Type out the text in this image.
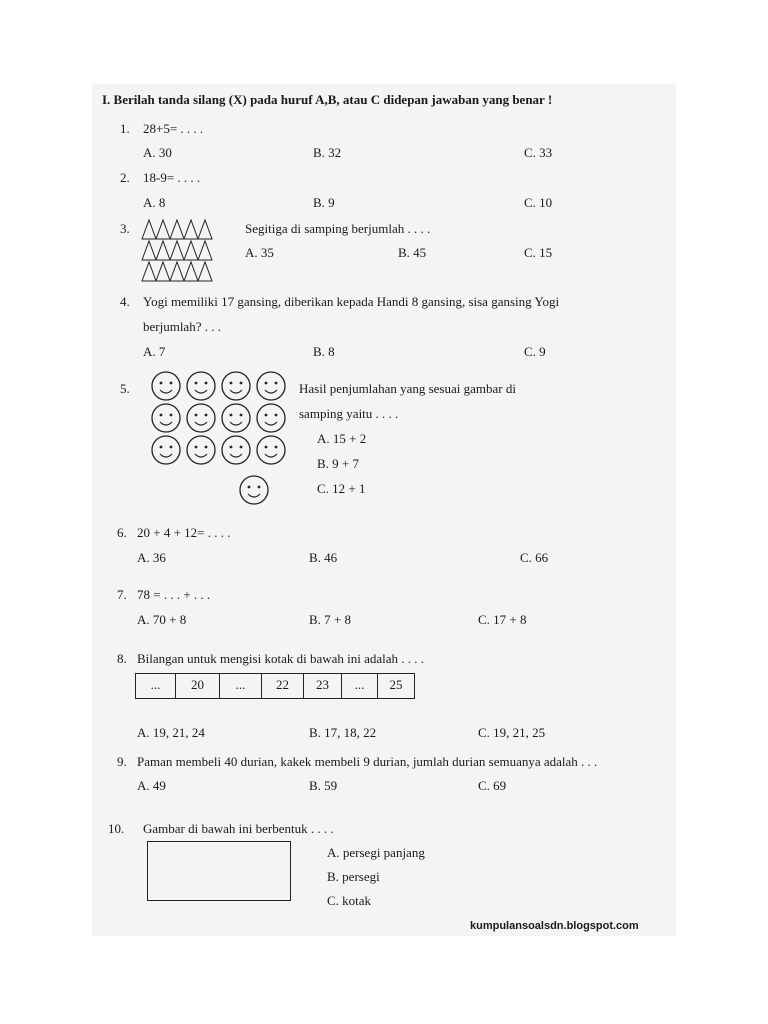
I. Berilah tanda silang (X) pada huruf A,B, atau C didepan jawaban yang benar !
1. 28+5= . . . .
A. 30	B. 32	C. 33
2. 18-9= . . . .
A. 8	B. 9	C. 10
3.	Segitiga di samping berjumlah . . . .
A. 35	B. 45	C. 15
4. Yogi memiliki 17 gansing, diberikan kepada Handi 8 gansing, sisa gansing Yogi
berjumlah? . . .
A. 7	B. 8	C. 9
5.	Hasil penjumlahan yang sesuai gambar di
samping yaitu . . . .
A. 15 + 2
B. 9 + 7
C. 12 + 1
6. 20 + 4 + 12= . . . .
A. 36	B. 46	C. 66
7. 78 = . . . + . . .
A. 70 + 8	B. 7 + 8	C. 17 + 8
8. Bilangan untuk mengisi kotak di bawah ini adalah . . . .
...	20	...	22	23	...	25
A. 19, 21, 24	B. 17, 18, 22	C. 19, 21, 25
9. Paman membeli 40 durian, kakek membeli 9 durian, jumlah durian semuanya adalah . . .
A. 49	B. 59	C. 69
10. Gambar di bawah ini berbentuk . . . .
A. persegi panjang
B. persegi
C. kotak
kumpulansoalsdn.blogspot.com
